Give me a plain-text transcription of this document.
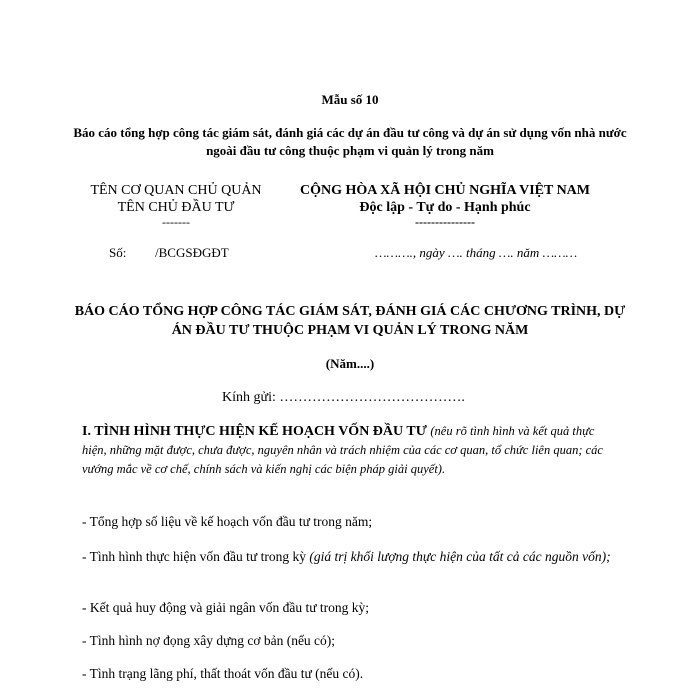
Mẫu số 10
Báo cáo tổng hợp công tác giám sát, đánh giá các dự án đầu tư công và dự án sử dụng vốn nhà nước ngoài đầu tư công thuộc phạm vi quản lý trong năm
TÊN CƠ QUAN CHỦ QUẢN
TÊN CHỦ ĐẦU TƯ
-------
CỘNG HÒA XÃ HỘI CHỦ NGHĨA VIỆT NAM
Độc lập - Tự do - Hạnh phúc
---------------
Số: /BCGSĐGĐT	………., ngày …. tháng …. năm ………
BÁO CÁO TỔNG HỢP CÔNG TÁC GIÁM SÁT, ĐÁNH GIÁ CÁC CHƯƠNG TRÌNH, DỰ ÁN ĐẦU TƯ THUỘC PHẠM VI QUẢN LÝ TRONG NĂM
(Năm....)
Kính gửi: ………………………………….
I. TÌNH HÌNH THỰC HIỆN KẾ HOẠCH VỐN ĐẦU TƯ (nêu rõ tình hình và kết quả thực hiện, những mặt được, chưa được, nguyên nhân và trách nhiệm của các cơ quan, tổ chức liên quan; các vướng mắc về cơ chế, chính sách và kiến nghị các biện pháp giải quyết).
- Tổng hợp số liệu về kế hoạch vốn đầu tư trong năm;
- Tình hình thực hiện vốn đầu tư trong kỳ (giá trị khối lượng thực hiện của tất cả các nguồn vốn);
- Kết quả huy động và giải ngân vốn đầu tư trong kỳ;
- Tình hình nợ đọng xây dựng cơ bản (nếu có);
- Tình trạng lãng phí, thất thoát vốn đầu tư (nếu có).
